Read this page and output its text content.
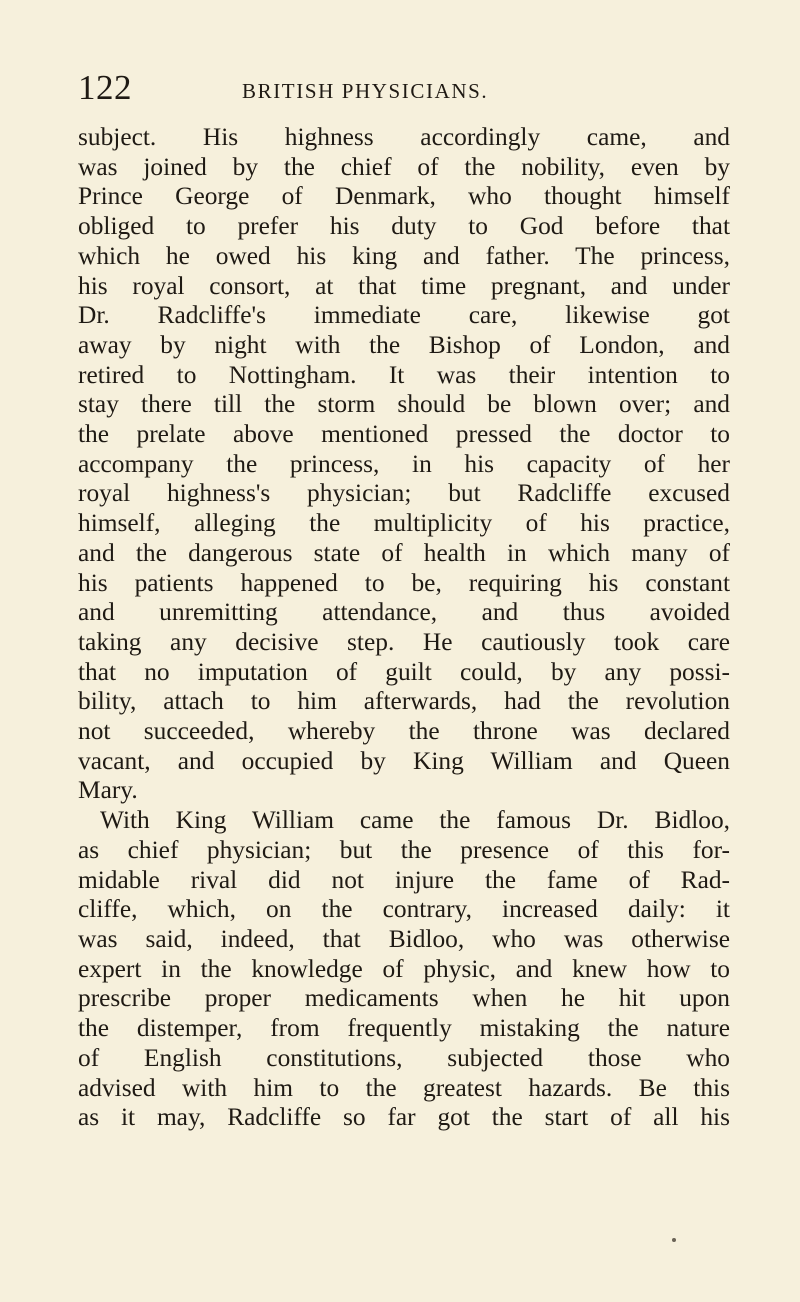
122	BRITISH PHYSICIANS.
subject. His highness accordingly came, and
was joined by the chief of the nobility, even by
Prince George of Denmark, who thought himself
obliged to prefer his duty to God before that
which he owed his king and father. The princess,
his royal consort, at that time pregnant, and under
Dr. Radcliffe's immediate care, likewise got
away by night with the Bishop of London, and
retired to Nottingham. It was their intention to
stay there till the storm should be blown over; and
the prelate above mentioned pressed the doctor to
accompany the princess, in his capacity of her
royal highness's physician; but Radcliffe excused
himself, alleging the multiplicity of his practice,
and the dangerous state of health in which many of
his patients happened to be, requiring his constant
and unremitting attendance, and thus avoided
taking any decisive step. He cautiously took care
that no imputation of guilt could, by any possi-
bility, attach to him afterwards, had the revolution
not succeeded, whereby the throne was declared
vacant, and occupied by King William and Queen
Mary.
With King William came the famous Dr. Bidloo,
as chief physician; but the presence of this for-
midable rival did not injure the fame of Rad-
cliffe, which, on the contrary, increased daily: it
was said, indeed, that Bidloo, who was otherwise
expert in the knowledge of physic, and knew how to
prescribe proper medicaments when he hit upon
the distemper, from frequently mistaking the nature
of English constitutions, subjected those who
advised with him to the greatest hazards. Be this
as it may, Radcliffe so far got the start of all his
